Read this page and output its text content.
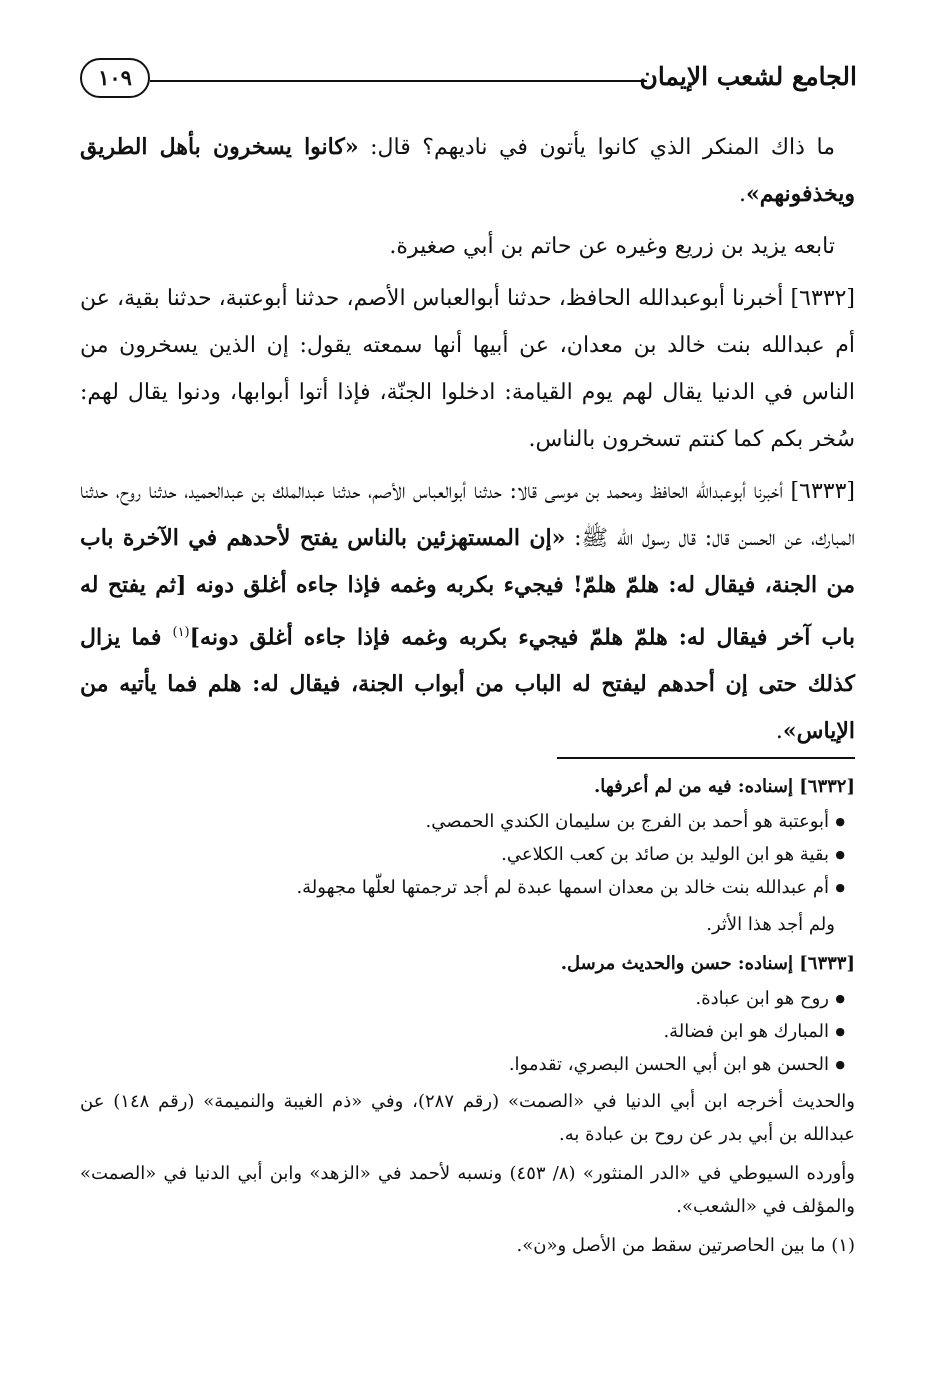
الجامع لشعب الإيمان
١٠٩

ما ذاك المنكر الذي كانوا يأتون في ناديهم؟ قال: «كانوا يسخرون بأهل الطريق ويخذفونهم».

تابعه يزيد بن زريع وغيره عن حاتم بن أبي صغيرة.

[٦٣٣٢] أخبرنا أبوعبدالله الحافظ، حدثنا أبوالعباس الأصم، حدثنا أبوعتبة، حدثنا بقية، عن أم عبدالله بنت خالد بن معدان، عن أبيها أنها سمعته يقول: إن الذين يسخرون من الناس في الدنيا يقال لهم يوم القيامة: ادخلوا الجنّة، فإذا أتوا أبوابها، ودنوا يقال لهم: سُخر بكم كما كنتم تسخرون بالناس.

[٦٣٣٣] أخبرنا أبوعبدالله الحافظ ومحمد بن موسى قالا: حدثنا أبوالعباس الأصم، حدثنا عبدالملك بن عبدالحميد، حدثنا روح، حدثنا المبارك، عن الحسن قال: قال رسول الله ﷺ: «إن المستهزئين بالناس يفتح لأحدهم في الآخرة باب من الجنة، فيقال له: هلمّ هلمّ! فيجيء بكربه وغمه فإذا جاءه أغلق دونه [ثم يفتح له باب آخر فيقال له: هلمّ هلمّ فيجيء بكربه وغمه فإذا جاءه أغلق دونه]$^{(١)}$ فما يزال كذلك حتى إن أحدهم ليفتح له الباب من أبواب الجنة، فيقال له: هلم فما يأتيه من الإياس».

[٦٣٣٢] إسناده: فيه من لم أعرفها.

● أبوعتبة هو أحمد بن الفرج بن سليمان الكندي الحمصي.
● بقية هو ابن الوليد بن صائد بن كعب الكلاعي.
● أم عبدالله بنت خالد بن معدان اسمها عبدة لم أجد ترجمتها لعلّها مجهولة.

ولم أجد هذا الأثر.

[٦٣٣٣] إسناده: حسن والحديث مرسل.

● روح هو ابن عبادة.
● المبارك هو ابن فضالة.
● الحسن هو ابن أبي الحسن البصري، تقدموا.

والحديث أخرجه ابن أبي الدنيا في «الصمت» (رقم ٢٨٧)، وفي «ذم الغيبة والنميمة» (رقم ١٤٨) عن عبدالله بن أبي بدر عن روح بن عبادة به.

وأورده السيوطي في «الدر المنثور» (٨/ ٤٥٣) ونسبه لأحمد في «الزهد» وابن أبي الدنيا في «الصمت» والمؤلف في «الشعب».

(١) ما بين الحاصرتين سقط من الأصل و«ن».
